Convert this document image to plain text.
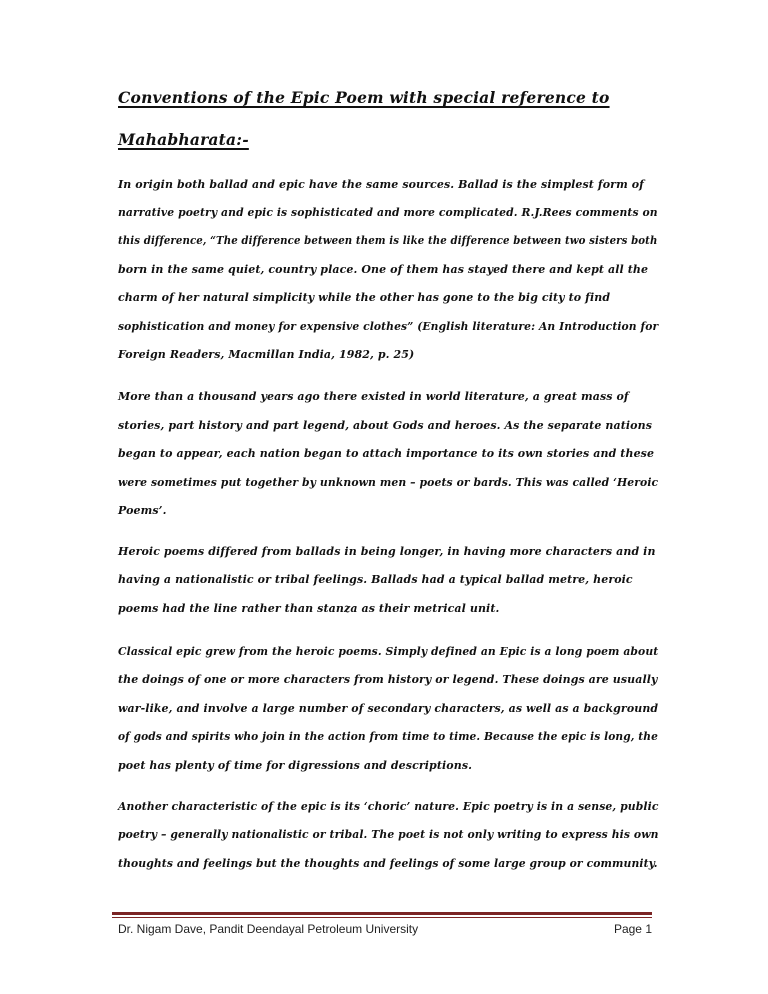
Conventions of the Epic Poem with special reference to
Mahabharata:-
In origin both ballad and epic have the same sources. Ballad is the simplest form of
narrative poetry and epic is sophisticated and more complicated. R.J.Rees comments on
this difference, “The difference between them is like the difference between two sisters both
born in the same quiet, country place. One of them has stayed there and kept all the
charm of her natural simplicity while the other has gone to the big city to find
sophistication and money for expensive clothes” (English literature: An Introduction for
Foreign Readers, Macmillan India, 1982, p. 25)
More than a thousand years ago there existed in world literature, a great mass of
stories, part history and part legend, about Gods and heroes. As the separate nations
began to appear, each nation began to attach importance to its own stories and these
were sometimes put together by unknown men – poets or bards. This was called ‘Heroic
Poems’.
Heroic poems differed from ballads in being longer, in having more characters and in
having a nationalistic or tribal feelings. Ballads had a typical ballad metre, heroic
poems had the line rather than stanza as their metrical unit.
Classical epic grew from the heroic poems. Simply defined an Epic is a long poem about
the doings of one or more characters from history or legend. These doings are usually
war-like, and involve a large number of secondary characters, as well as a background
of gods and spirits who join in the action from time to time. Because the epic is long, the
poet has plenty of time for digressions and descriptions.
Another characteristic of the epic is its ‘choric’ nature. Epic poetry is in a sense, public
poetry – generally nationalistic or tribal. The poet is not only writing to express his own
thoughts and feelings but the thoughts and feelings of some large group or community.
Dr. Nigam Dave, Pandit Deendayal Petroleum University	Page 1
